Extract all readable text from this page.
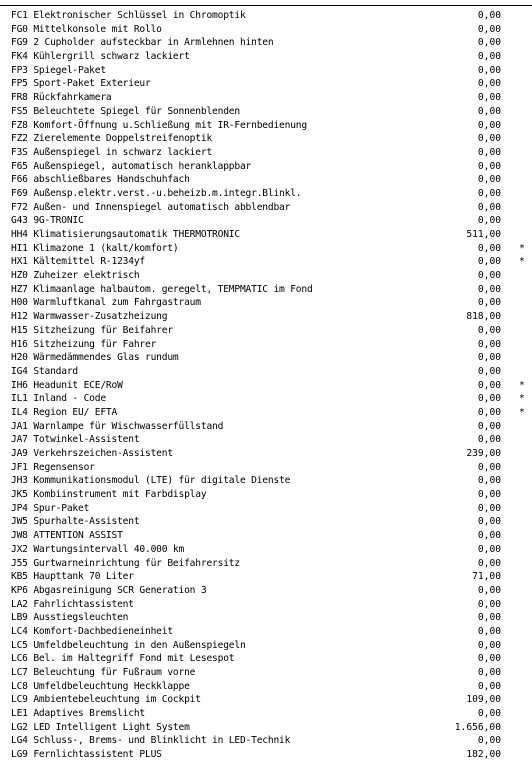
FC1 Elektronischer Schlüssel in Chromoptik	0,00
FG0 Mittelkonsole mit Rollo	0,00
FG9 2 Cupholder aufsteckbar in Armlehnen hinten	0,00
FK4 Kühlergrill schwarz lackiert	0,00
FP3 Spiegel-Paket	0,00
FP5 Sport-Paket Exterieur	0,00
FR8 Rückfahrkamera	0,00
FS5 Beleuchtete Spiegel für Sonnenblenden	0,00
FZ8 Komfort-Öffnung u.Schließung mit IR-Fernbedienung	0,00
FZ2 Zierelemente Doppelstreifenoptik	0,00
F3S Außenspiegel in schwarz lackiert	0,00
F65 Außenspiegel, automatisch heranklappbar	0,00
F66 abschließbares Handschuhfach	0,00
F69 Außensp.elektr.verst.-u.beheizb.m.integr.Blinkl.	0,00
F72 Außen- und Innenspiegel automatisch abblendbar	0,00
G43 9G-TRONIC	0,00
HH4 Klimatisierungsautomatik THERMOTRONIC	511,00
HI1 Klimazone 1 (kalt/komfort)	0,00 *
HX1 Kältemittel R-1234yf	0,00 *
HZ0 Zuheizer elektrisch	0,00
HZ7 Klimaanlage halbautom. geregelt, TEMPMATIC im Fond	0,00
H00 Warmluftkanal zum Fahrgastraum	0,00
H12 Warmwasser-Zusatzheizung	818,00
H15 Sitzheizung für Beifahrer	0,00
H16 Sitzheizung für Fahrer	0,00
H20 Wärmedämmendes Glas rundum	0,00
IG4 Standard	0,00
IH6 Headunit ECE/RoW	0,00 *
IL1 Inland - Code	0,00 *
IL4 Region EU/ EFTA	0,00 *
JA1 Warnlampe für Wischwasserfüllstand	0,00
JA7 Totwinkel-Assistent	0,00
JA9 Verkehrszeichen-Assistent	239,00
JF1 Regensensor	0,00
JH3 Kommunikationsmodul (LTE) für digitale Dienste	0,00
JK5 Kombiinstrument mit Farbdisplay	0,00
JP4 Spur-Paket	0,00
JW5 Spurhalte-Assistent	0,00
JW8 ATTENTION ASSIST	0,00
JX2 Wartungsintervall 40.000 km	0,00
J55 Gurtwarneinrichtung für Beifahrersitz	0,00
KB5 Haupttank 70 Liter	71,00
KP6 Abgasreinigung SCR Generation 3	0,00
LA2 Fahrlichtassistent	0,00
LB9 Ausstiegsleuchten	0,00
LC4 Komfort-Dachbedieneinheit	0,00
LC5 Umfeldbeleuchtung in den Außenspiegeln	0,00
LC6 Bel. im Haltegriff Fond mit Lesespot	0,00
LC7 Beleuchtung für Fußraum vorne	0,00
LC8 Umfeldbeleuchtung Heckklappe	0,00
LC9 Ambientebeleuchtung im Cockpit	109,00
LE1 Adaptives Bremslicht	0,00
LG2 LED Intelligent Light System	1.656,00
LG4 Schluss-, Brems- und Blinklicht in LED-Technik	0,00
LG9 Fernlichtassistent PLUS	182,00
